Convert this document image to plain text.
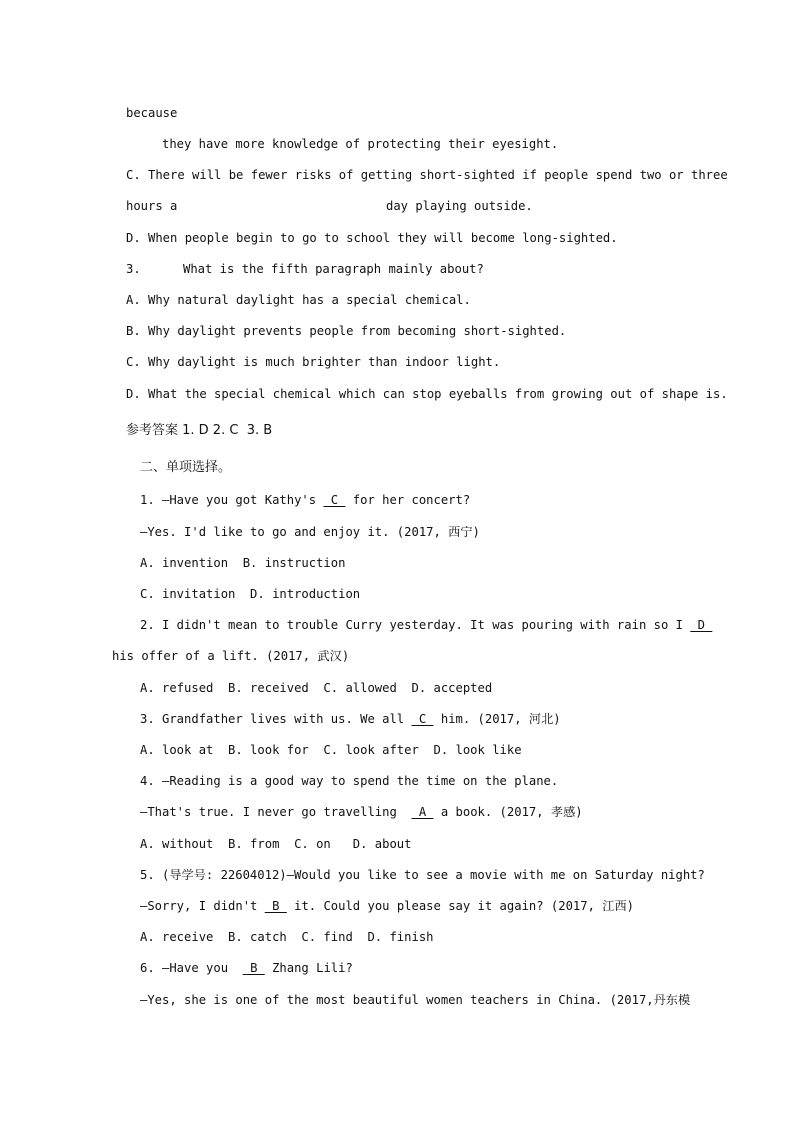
because
they have more knowledge of protecting their eyesight.
C. There will be fewer risks of getting short-sighted if people spend two or three
hours a	day playing outside.
D. When people begin to go to school they will become long-sighted.
3.	What is the fifth paragraph mainly about?
A. Why natural daylight has a special chemical.
B. Why daylight prevents people from becoming short-sighted.
C. Why daylight is much brighter than indoor light.
D. What the special chemical which can stop eyeballs from growing out of shape is.
参考答案 1. D 2. C  3. B
二、单项选择。
1. —Have you got Kathy's  C  for her concert?
—Yes. I'd like to go and enjoy it. (2017, 西宁)
A. invention  B. instruction
C. invitation  D. introduction
2. I didn't mean to trouble Curry yesterday. It was pouring with rain so I  D
his offer of a lift. (2017, 武汉)
A. refused  B. received  C. allowed  D. accepted
3. Grandfather lives with us. We all  C  him. (2017, 河北)
A. look at  B. look for  C. look after  D. look like
4. —Reading is a good way to spend the time on the plane.
—That's true. I never go travelling   A  a book. (2017, 孝感)
A. without  B. from  C. on   D. about
5. (导学号: 22604012)—Would you like to see a movie with me on Saturday night?
—Sorry, I didn't  B  it. Could you please say it again? (2017, 江西)
A. receive  B. catch  C. find  D. finish
6. —Have you   B  Zhang Lili?
—Yes, she is one of the most beautiful women teachers in China. (2017,丹东模
